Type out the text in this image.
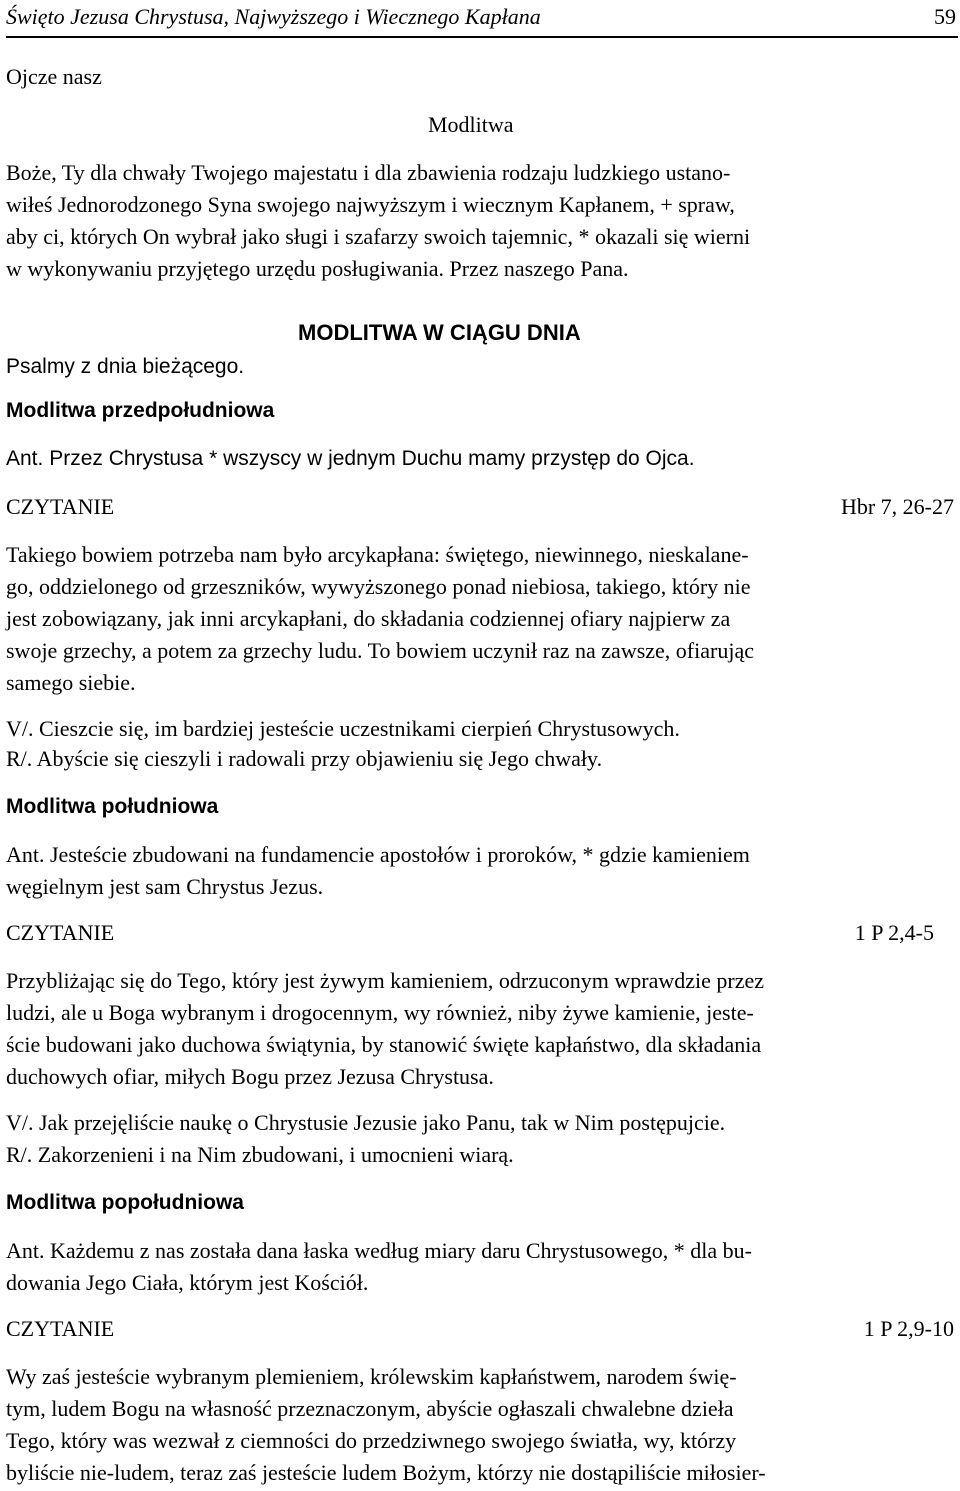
Święto Jezusa Chrystusa, Najwyższego i Wiecznego Kapłana	59
Ojcze nasz
Modlitwa
Boże, Ty dla chwały Twojego majestatu i dla zbawienia rodzaju ludzkiego ustano-
wiłeś Jednorodzonego Syna swojego najwyższym i wiecznym Kapłanem, + spraw,
aby ci, których On wybrał jako sługi i szafarzy swoich tajemnic, * okazali się wierni
w wykonywaniu przyjętego urzędu posługiwania. Przez naszego Pana.
MODLITWA W CIĄGU DNIA
Psalmy z dnia bieżącego.
Modlitwa przedpołudniowa
Ant. Przez Chrystusa * wszyscy w jednym Duchu mamy przystęp do Ojca.
CZYTANIE	Hbr 7, 26-27
Takiego bowiem potrzeba nam było arcykapłana: świętego, niewinnego, nieskalane-
go, oddzielonego od grzeszników, wywyższonego ponad niebiosa, takiego, który nie
jest zobowiązany, jak inni arcykapłani, do składania codziennej ofiary najpierw za
swoje grzechy, a potem za grzechy ludu. To bowiem uczynił raz na zawsze, ofiarując
samego siebie.
V/. Cieszcie się, im bardziej jesteście uczestnikami cierpień Chrystusowych.
R/. Abyście się cieszyli i radowali przy objawieniu się Jego chwały.
Modlitwa południowa
Ant. Jesteście zbudowani na fundamencie apostołów i proroków, * gdzie kamieniem
węgielnym jest sam Chrystus Jezus.
CZYTANIE	1 P 2,4-5
Przybliżając się do Tego, który jest żywym kamieniem, odrzuconym wprawdzie przez
ludzi, ale u Boga wybranym i drogocennym, wy również, niby żywe kamienie, jeste-
ście budowani jako duchowa świątynia, by stanowić święte kapłaństwo, dla składania
duchowych ofiar, miłych Bogu przez Jezusa Chrystusa.
V/. Jak przejęliście naukę o Chrystusie Jezusie jako Panu, tak w Nim postępujcie.
R/. Zakorzenieni i na Nim zbudowani, i umocnieni wiarą.
Modlitwa popołudniowa
Ant. Każdemu z nas została dana łaska według miary daru Chrystusowego, * dla bu-
dowania Jego Ciała, którym jest Kościół.
CZYTANIE	1 P 2,9-10
Wy zaś jesteście wybranym plemieniem, królewskim kapłaństwem, narodem świę-
tym, ludem Bogu na własność przeznaczonym, abyście ogłaszali chwalebne dzieła
Tego, który was wezwał z ciemności do przedziwnego swojego światła, wy, którzy
byliście nie-ludem, teraz zaś jesteście ludem Bożym, którzy nie dostąpiliście miłosier-
